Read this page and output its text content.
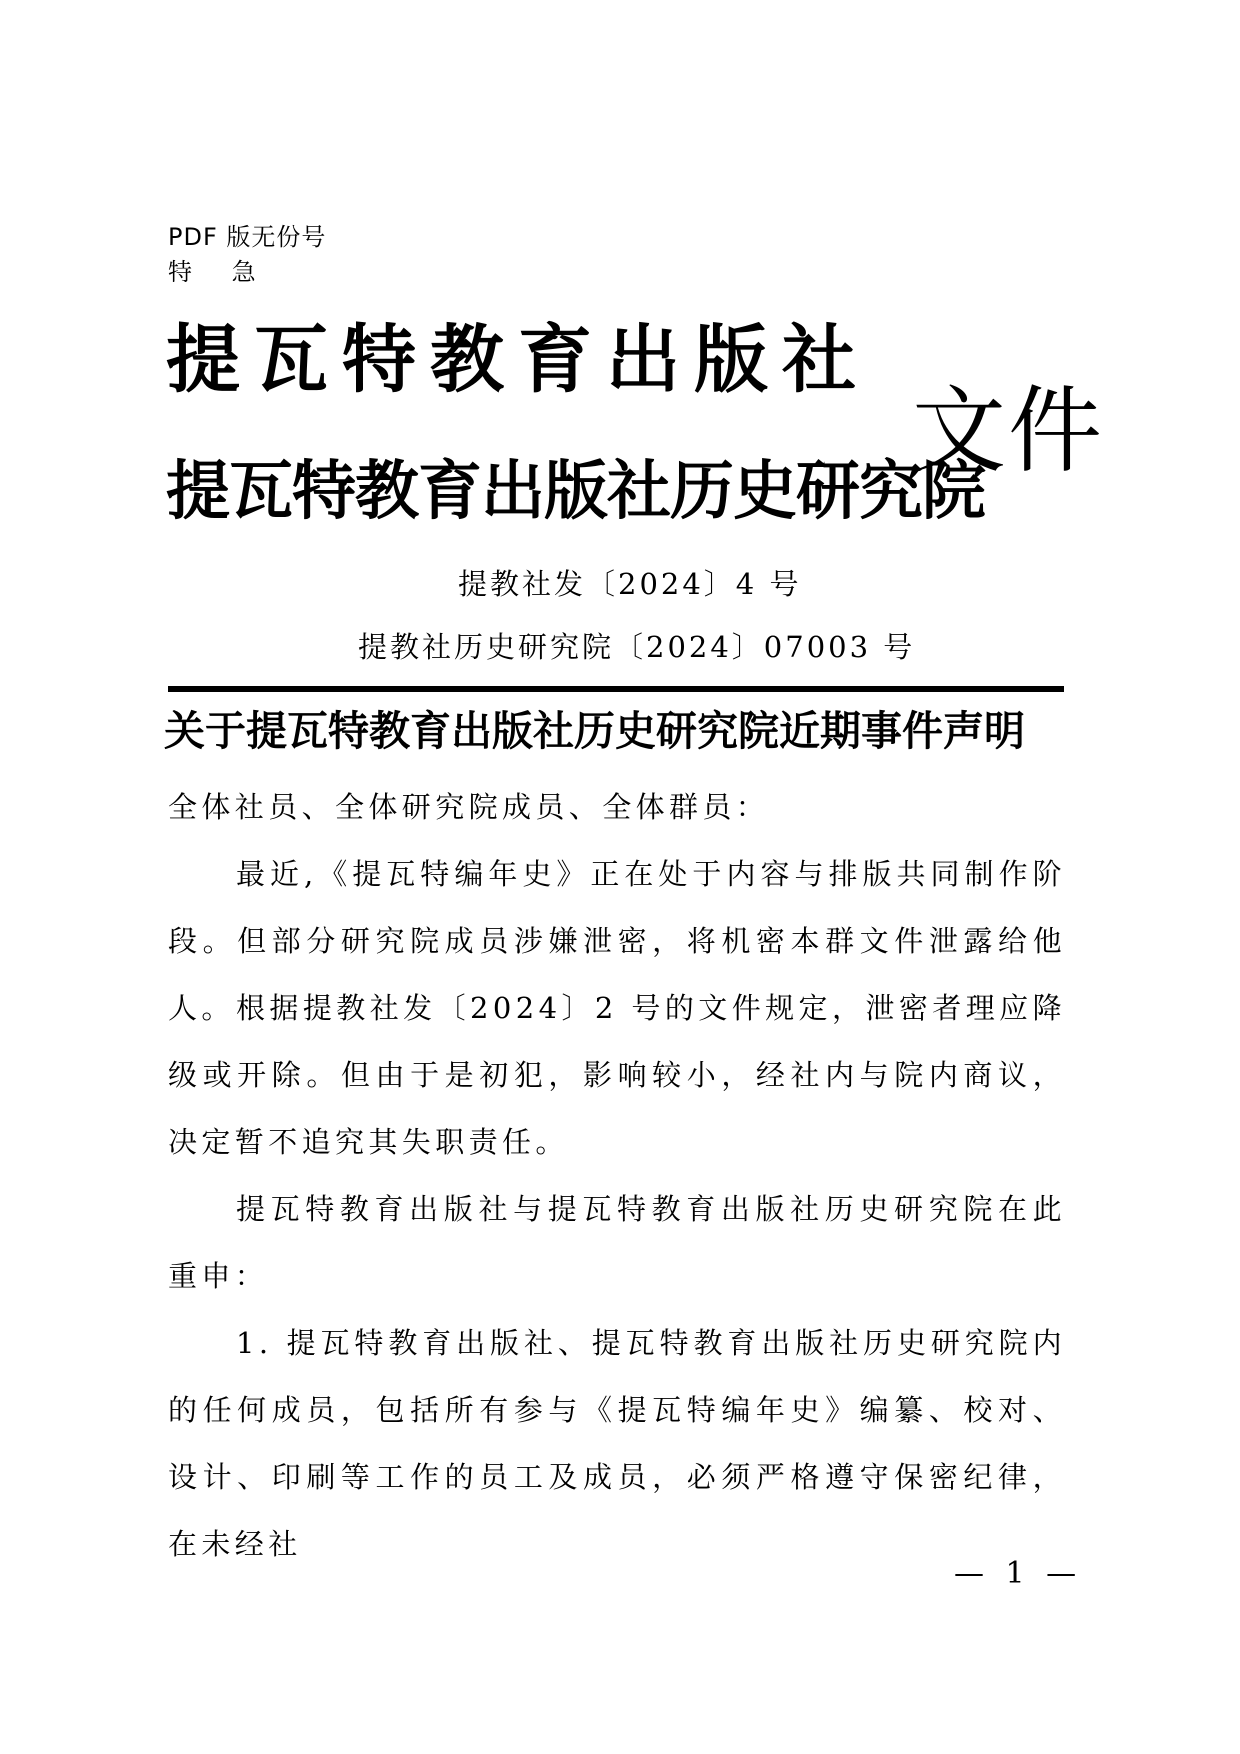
PDF 版无份号
特 急
提瓦特教育出版社
提瓦特教育出版社历史研究院
文件
提教社发〔2024〕4 号
提教社历史研究院〔2024〕07003 号
关于提瓦特教育出版社历史研究院近期事件声明
全体社员、全体研究院成员、全体群员：
最近,《提瓦特编年史》正在处于内容与排版共同制作阶段。但部分研究院成员涉嫌泄密，将机密本群文件泄露给他人。 根据提教社发〔2024〕2 号的文件规定，泄密者理应降级或开除。但由于是初犯，影响较小，经社内与院内商议，决定暂不追究其失职责任。
提瓦特教育出版社与提瓦特教育出版社历史研究院在此重申：
1. 提瓦特教育出版社、提瓦特教育出版社历史研究院内的任何成员，包括所有参与《提瓦特编年史》编纂、校对、设计、印刷等工作的员工及成员，必须严格遵守保密纪律，在未经社
— 1 —
